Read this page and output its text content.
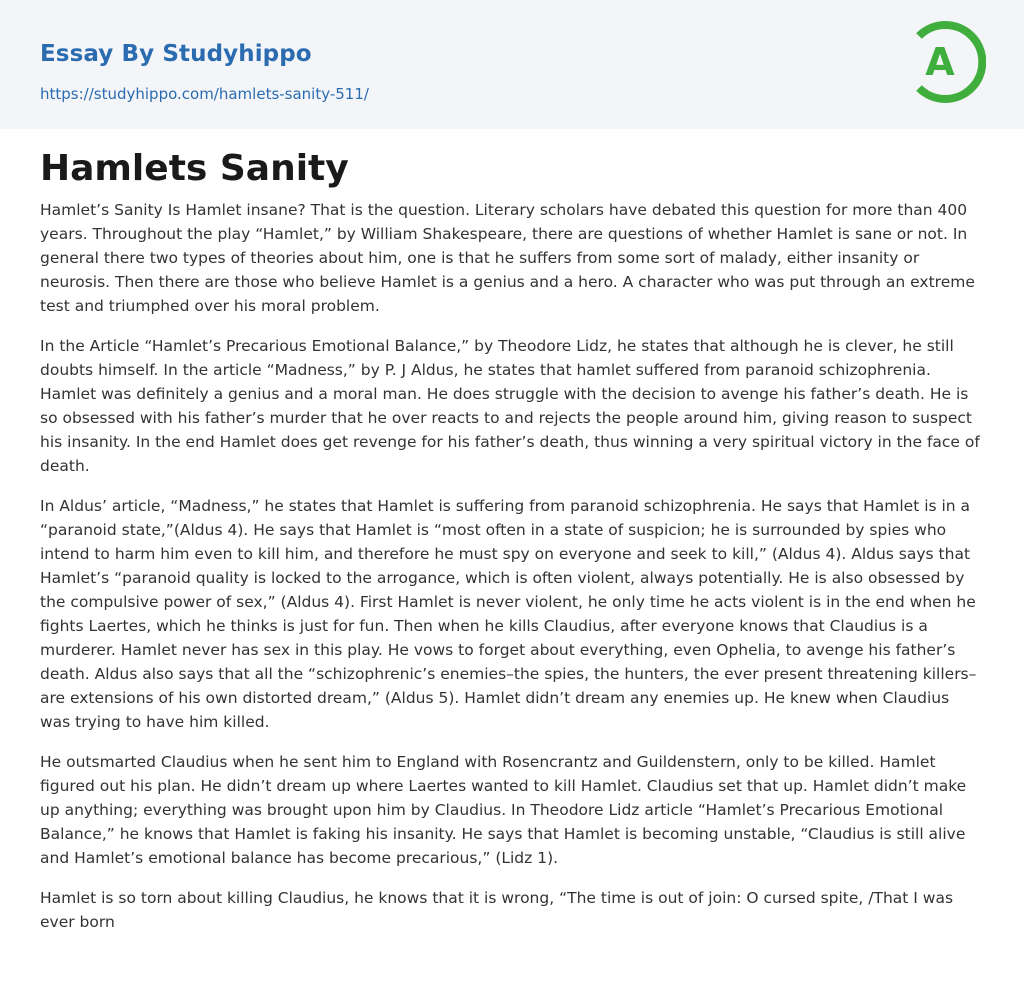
Essay By Studyhippo
https://studyhippo.com/hamlets-sanity-511/
A
Hamlets Sanity

Hamlet’s Sanity Is Hamlet insane? That is the question. Literary scholars have debated this question for more than 400 years. Throughout the play “Hamlet,” by William Shakespeare, there are questions of whether Hamlet is sane or not. In general there two types of theories about him, one is that he suffers from some sort of malady, either insanity or neurosis. Then there are those who believe Hamlet is a genius and a hero. A character who was put through an extreme test and triumphed over his moral problem.

In the Article “Hamlet’s Precarious Emotional Balance,” by Theodore Lidz, he states that although he is clever, he still doubts himself. In the article “Madness,” by P. J Aldus, he states that hamlet suffered from paranoid schizophrenia. Hamlet was definitely a genius and a moral man. He does struggle with the decision to avenge his father’s death. He is so obsessed with his father’s murder that he over reacts to and rejects the people around him, giving reason to suspect his insanity. In the end Hamlet does get revenge for his father’s death, thus winning a very spiritual victory in the face of death.

In Aldus’ article, “Madness,” he states that Hamlet is suffering from paranoid schizophrenia. He says that Hamlet is in a “paranoid state,”(Aldus 4). He says that Hamlet is “most often in a state of suspicion; he is surrounded by spies who intend to harm him even to kill him, and therefore he must spy on everyone and seek to kill,” (Aldus 4). Aldus says that Hamlet’s “paranoid quality is locked to the arrogance, which is often violent, always potentially. He is also obsessed by the compulsive power of sex,” (Aldus 4). First Hamlet is never violent, he only time he acts violent is in the end when he fights Laertes, which he thinks is just for fun. Then when he kills Claudius, after everyone knows that Claudius is a murderer. Hamlet never has sex in this play. He vows to forget about everything, even Ophelia, to avenge his father’s death. Aldus also says that all the “schizophrenic’s enemies–the spies, the hunters, the ever present threatening killers–are extensions of his own distorted dream,” (Aldus 5). Hamlet didn’t dream any enemies up. He knew when Claudius was trying to have him killed.

He outsmarted Claudius when he sent him to England with Rosencrantz and Guildenstern, only to be killed. Hamlet figured out his plan. He didn’t dream up where Laertes wanted to kill Hamlet. Claudius set that up. Hamlet didn’t make up anything; everything was brought upon him by Claudius. In Theodore Lidz article “Hamlet’s Precarious Emotional Balance,” he knows that Hamlet is faking his insanity. He says that Hamlet is becoming unstable, “Claudius is still alive and Hamlet’s emotional balance has become precarious,” (Lidz 1).

Hamlet is so torn about killing Claudius, he knows that it is wrong, “The time is out of join: O cursed spite, /That I was ever born
